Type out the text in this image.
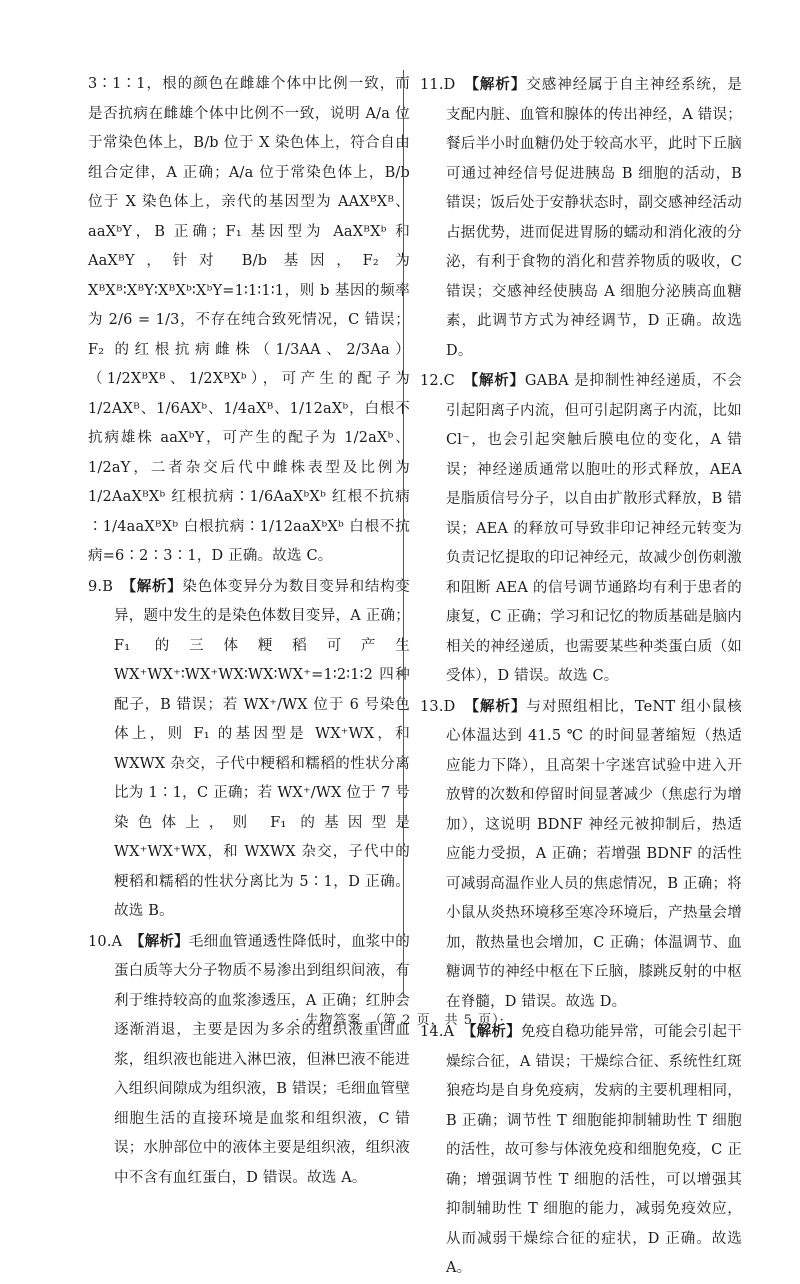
3∶1∶1，根的颜色在雌雄个体中比例一致，而是否抗病在雌雄个体中比例不一致，说明 A/a 位于常染色体上，B/b 位于 X 染色体上，符合自由组合定律，A 正确；A/a 位于常染色体上，B/b 位于 X 染色体上，亲代的基因型为 AAXᴮXᴮ、aaXᵇY，B 正确；F₁ 基因型为 AaXᴮXᵇ 和 AaXᴮY，针对 B/b 基因，F₂ 为 XᴮXᴮ∶XᴮY∶XᴮXᵇ∶XᵇY=1∶1∶1∶1，则 b 基因的频率为 2/6 = 1/3，不存在纯合致死情况，C 错误；F₂ 的红根抗病雌株（1/3AA、2/3Aa）（1/2XᴮXᴮ、1/2XᴮXᵇ），可产生的配子为 1/2AXᴮ、1/6AXᵇ、1/4aXᴮ、1/12aXᵇ，白根不抗病雄株 aaXᵇY，可产生的配子为 1/2aXᵇ、1/2aY，二者杂交后代中雌株表型及比例为 1/2AaXᴮXᵇ 红根抗病∶1/6AaXᵇXᵇ 红根不抗病∶1/4aaXᴮXᵇ 白根抗病∶1/12aaXᵇXᵇ 白根不抗病=6∶2∶3∶1，D 正确。故选 C。

9.B　 【解析】染色体变异分为数目变异和结构变异，题中发生的是染色体数目变异，A 正确；F₁ 的三体粳稻可产生 WX⁺WX⁺∶WX⁺WX∶WX∶WX⁺=1∶2∶1∶2 四种配子，B 错误；若 WX⁺/WX 位于 6 号染色体上，则 F₁ 的基因型是 WX⁺WX，和 WXWX 杂交，子代中粳稻和糯稻的性状分离比为 1∶1，C 正确；若 WX⁺/WX 位于 7 号染色体上，则 F₁ 的基因型是 WX⁺WX⁺WX，和 WXWX 杂交，子代中的粳稻和糯稻的性状分离比为 5∶1，D 正确。故选 B。

10.A　 【解析】毛细血管通透性降低时，血浆中的蛋白质等大分子物质不易渗出到组织间液，有利于维持较高的血浆渗透压，A 正确；红肿会逐渐消退，主要是因为多余的组织液重回血浆，组织液也能进入淋巴液，但淋巴液不能进入组织间隙成为组织液，B 错误；毛细血管壁细胞生活的直接环境是血浆和组织液，C 错误；水肿部位中的液体主要是组织液，组织液中不含有血红蛋白，D 错误。故选 A。

11.D　 【解析】交感神经属于自主神经系统，是支配内脏、血管和腺体的传出神经，A 错误；餐后半小时血糖仍处于较高水平，此时下丘脑可通过神经信号促进胰岛 B 细胞的活动，B 错误；饭后处于安静状态时，副交感神经活动占据优势，进而促进胃肠的蠕动和消化液的分泌，有利于食物的消化和营养物质的吸收，C 错误；交感神经使胰岛 A 细胞分泌胰高血糖素，此调节方式为神经调节，D 正确。故选 D。

12.C　 【解析】GABA 是抑制性神经递质，不会引起阳离子内流，但可引起阴离子内流，比如 Cl⁻，也会引起突触后膜电位的变化，A 错误；神经递质通常以胞吐的形式释放，AEA 是脂质信号分子，以自由扩散形式释放，B 错误；AEA 的释放可导致非印记神经元转变为负责记忆提取的印记神经元，故减少创伤刺激和阻断 AEA 的信号调节通路均有利于患者的康复，C 正确；学习和记忆的物质基础是脑内相关的神经递质，也需要某些种类蛋白质（如受体），D 错误。故选 C。

13.D　 【解析】与对照组相比，TeNT 组小鼠核心体温达到 41.5 ℃ 的时间显著缩短（热适应能力下降），且高架十字迷宫试验中进入开放臂的次数和停留时间显著减少（焦虑行为增加），这说明 BDNF 神经元被抑制后，热适应能力受损，A 正确；若增强 BDNF 的活性可减弱高温作业人员的焦虑情况，B 正确；将小鼠从炎热环境移至寒冷环境后，产热量会增加，散热量也会增加，C 正确；体温调节、血糖调节的神经中枢在下丘脑，膝跳反射的中枢在脊髓，D 错误。故选 D。

14.A　 【解析】免疫自稳功能异常，可能会引起干燥综合征，A 错误；干燥综合征、系统性红斑狼疮均是自身免疫病，发病的主要机理相同，B 正确；调节性 T 细胞能抑制辅助性 T 细胞的活性，故可参与体液免疫和细胞免疫，C 正确；增强调节性 T 细胞的活性，可以增强其抑制辅助性 T 细胞的能力，减弱免疫效应，从而减弱干燥综合征的症状，D 正确。故选 A。

· 生物答案　（第 2 页，共 5 页）·
